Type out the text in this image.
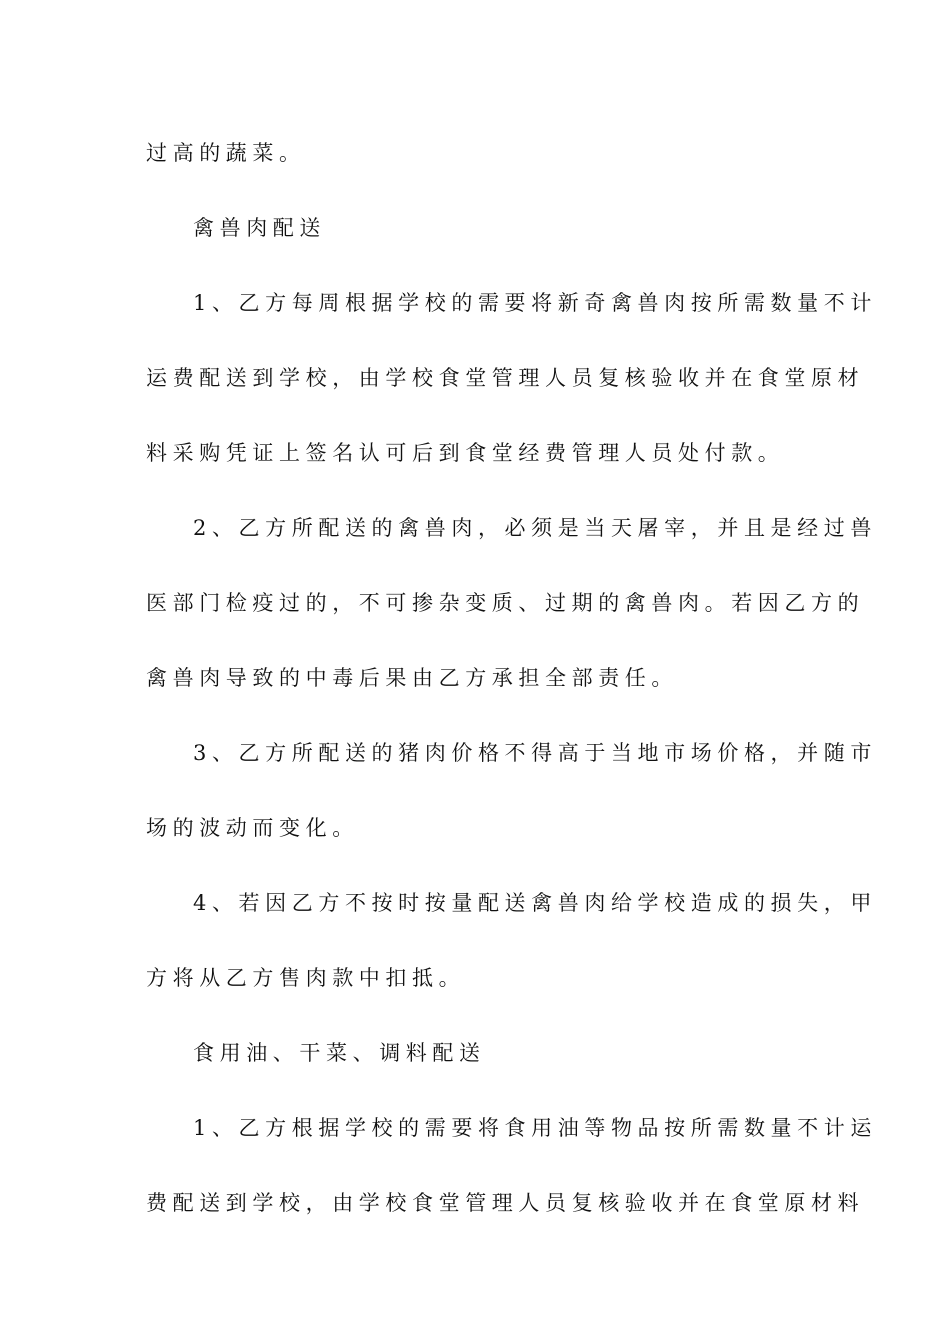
过高的蔬菜。

禽兽肉配送

1、乙方每周根据学校的需要将新奇禽兽肉按所需数量不计

运费配送到学校，由学校食堂管理人员复核验收并在食堂原材

料采购凭证上签名认可后到食堂经费管理人员处付款。

2、乙方所配送的禽兽肉，必须是当天屠宰，并且是经过兽

医部门检疫过的，不可掺杂变质、过期的禽兽肉。若因乙方的

禽兽肉导致的中毒后果由乙方承担全部责任。

3、乙方所配送的猪肉价格不得高于当地市场价格，并随市

场的波动而变化。

4、若因乙方不按时按量配送禽兽肉给学校造成的损失，甲

方将从乙方售肉款中扣抵。

食用油、干菜、调料配送

1、乙方根据学校的需要将食用油等物品按所需数量不计运

费配送到学校，由学校食堂管理人员复核验收并在食堂原材料
